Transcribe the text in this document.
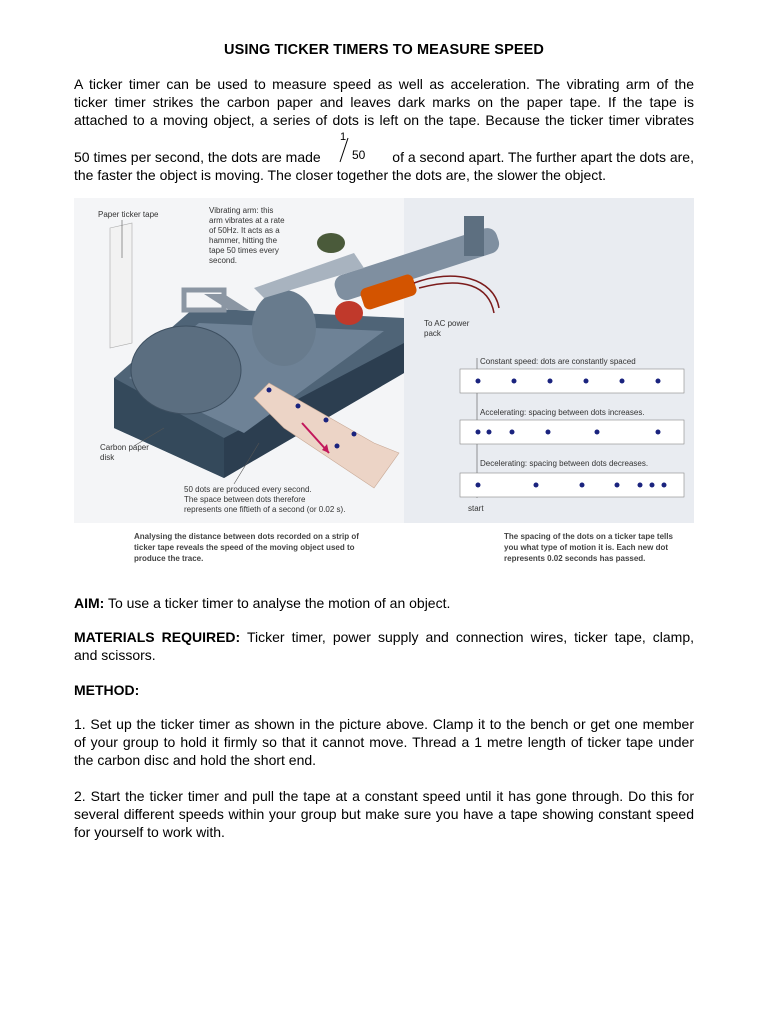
USING TICKER TIMERS TO MEASURE SPEED
A ticker timer can be used to measure speed as well as acceleration. The vibrating arm of the
ticker timer strikes the carbon paper and leaves dark marks on the paper tape. If the tape is
attached to a moving object, a series of dots is left on the tape. Because the ticker timer vibrates
50 times per second, the dots are made
1
50	of a second apart. The further apart the dots are,
the faster the object is moving. The closer together the dots are, the slower the object.
Paper ticker tape	Vibrating arm: this
arm vibrates at a rate
of 50Hz. It acts as a
hammer, hitting the
tape 50 times every
second.
To AC power
pack
Carbon paper
disk
50 dots are produced every second.
The space between dots therefore
represents one fiftieth of a second (or 0.02 s).
Constant speed: dots are constantly spaced
Accelerating: spacing between dots increases.
Decelerating: spacing between dots decreases.
start
Analysing the distance between dots recorded on a strip of
ticker tape reveals the speed of the moving object used to
produce the trace.
The spacing of the dots on a ticker tape tells
you what type of motion it is. Each new dot
represents 0.02 seconds has passed.
AIM: To use a ticker timer to analyse the motion of an object.
MATERIALS REQUIRED: Ticker timer, power supply and connection wires, ticker tape, clamp,
and scissors.
METHOD:
1. Set up the ticker timer as shown in the picture above. Clamp it to the bench or get one member
of your group to hold it firmly so that it cannot move. Thread a 1 metre length of ticker tape under
the carbon disc and hold the short end.
2. Start the ticker timer and pull the tape at a constant speed until it has gone through. Do this for
several different speeds within your group but make sure you have a tape showing constant speed
for yourself to work with.
